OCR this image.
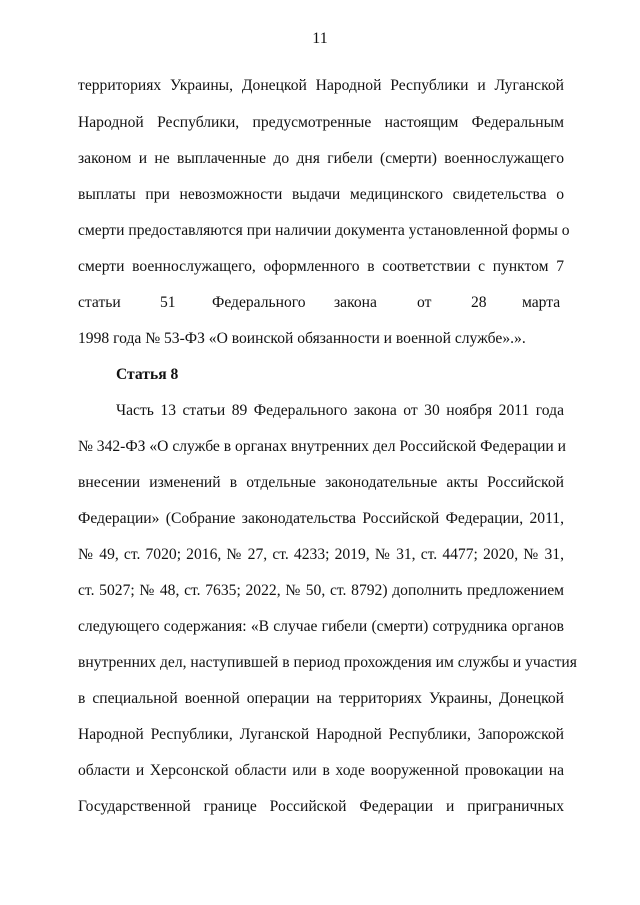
11
территориях Украины, Донецкой Народной Республики и Луганской
Народной Республики, предусмотренные настоящим Федеральным
законом и не выплаченные до дня гибели (смерти) военнослужащего
выплаты при невозможности выдачи медицинского свидетельства о
смерти предоставляются при наличии документа установленной формы о
смерти военнослужащего, оформленного в соответствии с пунктом 7
статьи	51 Федерального закона	от	28 марта
1998 года № 53-ФЗ «О воинской обязанности и военной службе».».
Статья 8
Часть 13 статьи 89 Федерального закона от 30 ноября 2011 года
№ 342-ФЗ «О службе в органах внутренних дел Российской Федерации и
внесении изменений в отдельные законодательные акты Российской
Федерации» (Собрание законодательства Российской Федерации, 2011,
№ 49, ст. 7020; 2016, № 27, ст. 4233; 2019, № 31, ст. 4477; 2020, № 31,
ст. 5027; № 48, ст. 7635; 2022, № 50, ст. 8792) дополнить предложением
следующего содержания: «В случае гибели (смерти) сотрудника органов
внутренних дел, наступившей в период прохождения им службы и участия
в специальной военной операции на территориях Украины, Донецкой
Народной Республики, Луганской Народной Республики, Запорожской
области и Херсонской области или в ходе вооруженной провокации на
Государственной границе Российской Федерации и приграничных
